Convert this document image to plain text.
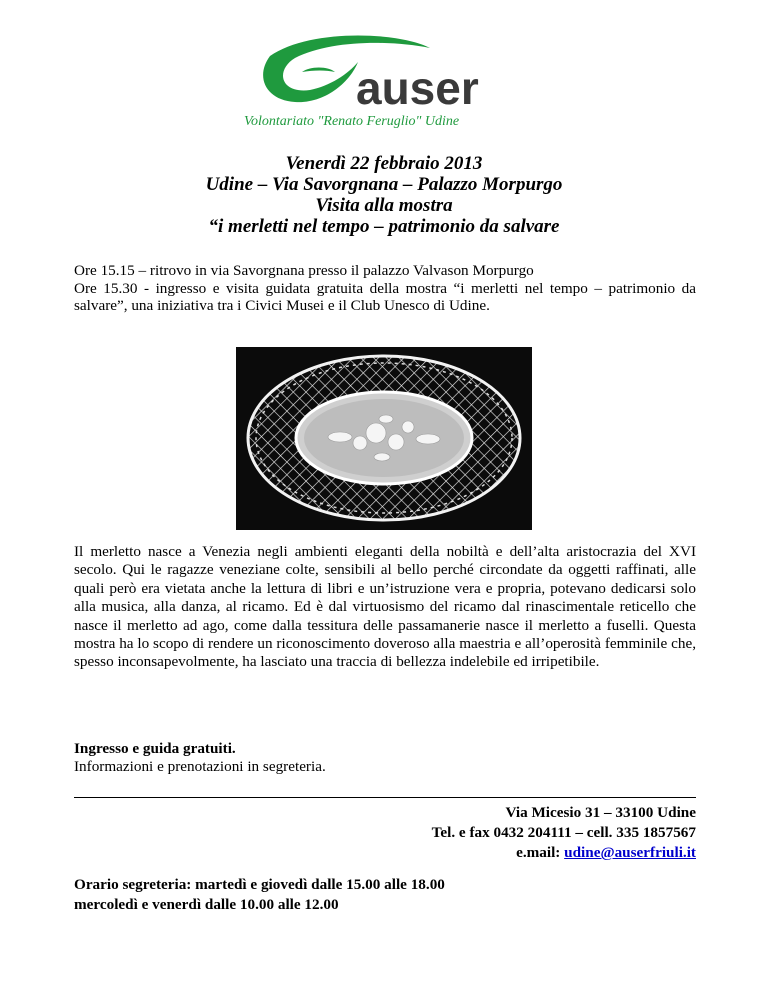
auser
Volontariato "Renato Feruglio" Udine
Venerdì 22 febbraio 2013
Udine – Via Savorgnana – Palazzo Morpurgo
Visita alla mostra
“i merletti nel tempo – patrimonio da salvare

Ore 15.15 – ritrovo in via Savorgnana presso il palazzo Valvason Morpurgo

Ore 15.30 - ingresso e visita guidata gratuita della mostra “i merletti nel tempo – patrimonio da salvare”, una iniziativa tra i Civici Musei e il Club Unesco di Udine.

Il merletto nasce a Venezia negli ambienti eleganti della nobiltà e dell’alta aristocrazia del XVI secolo. Qui le ragazze veneziane colte, sensibili al bello perché circondate da oggetti raffinati, alle quali però era vietata anche la lettura di libri e un’istruzione vera e propria, potevano dedicarsi solo alla musica, alla danza, al ricamo. Ed è dal virtuosismo del ricamo dal rinascimentale reticello che nasce il merletto ad ago, come dalla tessitura delle passamanerie nasce il merletto a fuselli. Questa mostra ha lo scopo di rendere un riconoscimento doveroso alla maestria e all’operosità femminile che, spesso inconsapevolmente, ha lasciato una traccia di bellezza indelebile ed irripetibile.

Ingresso e guida gratuiti.

Informazioni e prenotazioni in segreteria.

Via Micesio 31 – 33100 Udine
Tel. e fax 0432 204111 – cell. 335 1857567
e.mail: udine@auserfriuli.it
Orario segreteria: martedì e giovedì dalle 15.00 alle 18.00
mercoledì e venerdì dalle 10.00 alle 12.00
